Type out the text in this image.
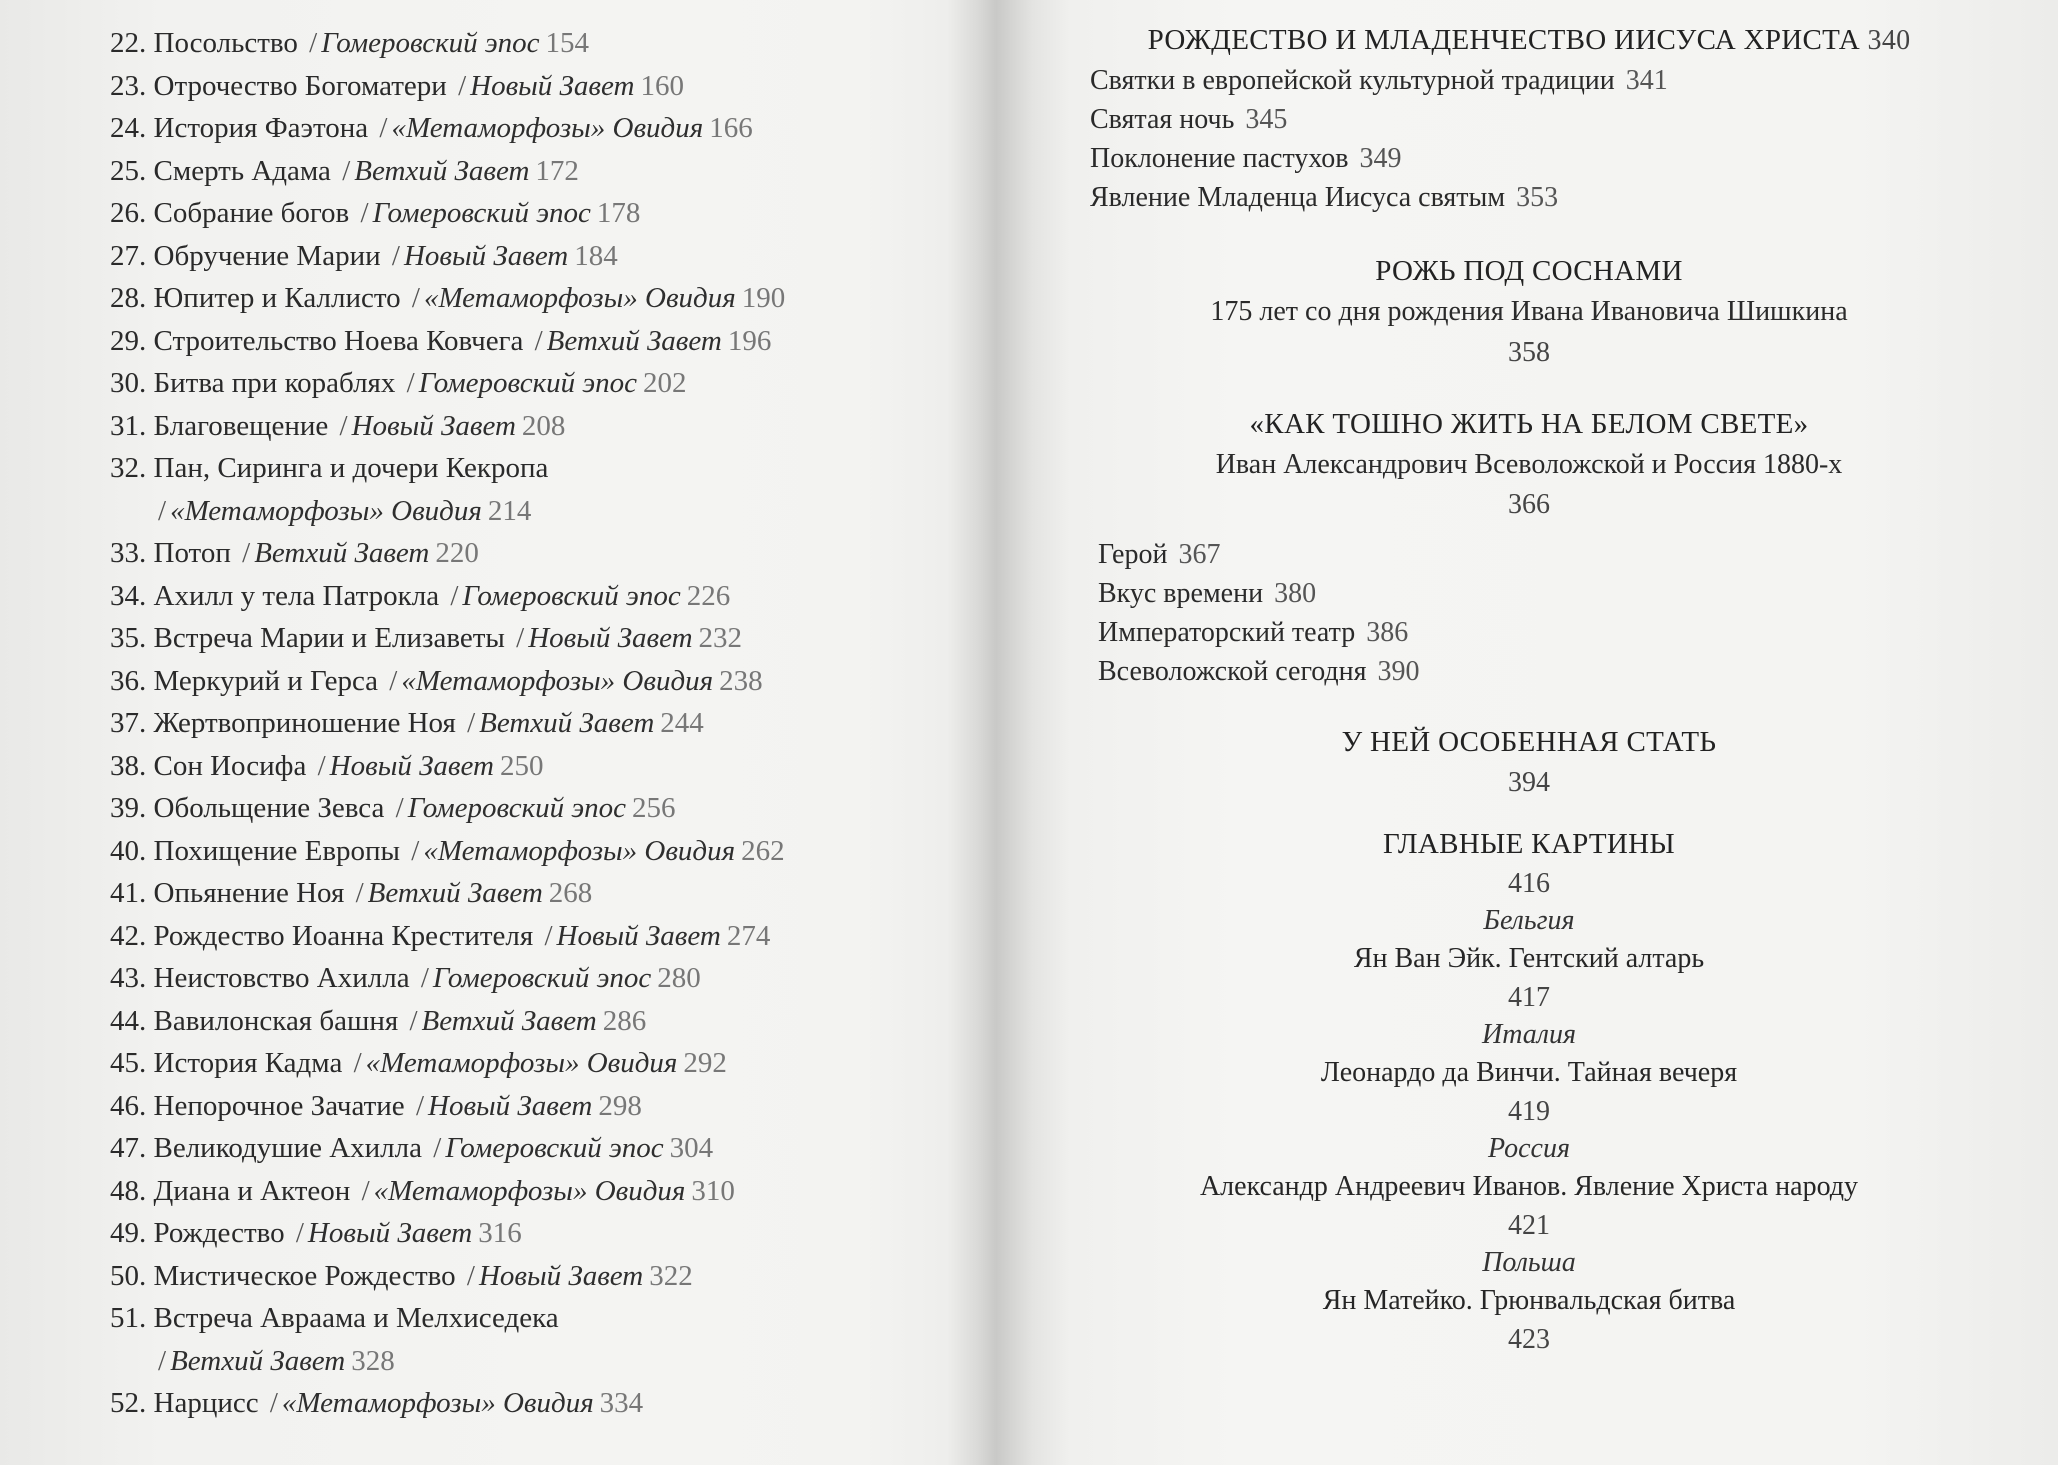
22. Посольство / Гомеровский эпос 154
23. Отрочество Богоматери / Новый Завет 160
24. История Фаэтона / «Метаморфозы» Овидия 166
25. Смерть Адама / Ветхий Завет 172
26. Собрание богов / Гомеровский эпос 178
27. Обручение Марии / Новый Завет 184
28. Юпитер и Каллисто / «Метаморфозы» Овидия 190
29. Строительство Ноева Ковчега / Ветхий Завет 196
30. Битва при кораблях / Гомеровский эпос 202
31. Благовещение / Новый Завет 208
32. Пан, Сиринга и дочери Кекропа
/ «Метаморфозы» Овидия 214
33. Потоп / Ветхий Завет 220
34. Ахилл у тела Патрокла / Гомеровский эпос 226
35. Встреча Марии и Елизаветы / Новый Завет 232
36. Меркурий и Герса / «Метаморфозы» Овидия 238
37. Жертвоприношение Ноя / Ветхий Завет 244
38. Сон Иосифа / Новый Завет 250
39. Обольщение Зевса / Гомеровский эпос 256
40. Похищение Европы / «Метаморфозы» Овидия 262
41. Опьянение Ноя / Ветхий Завет 268
42. Рождество Иоанна Крестителя / Новый Завет 274
43. Неистовство Ахилла / Гомеровский эпос 280
44. Вавилонская башня / Ветхий Завет 286
45. История Кадма / «Метаморфозы» Овидия 292
46. Непорочное Зачатие / Новый Завет 298
47. Великодушие Ахилла / Гомеровский эпос 304
48. Диана и Актеон / «Метаморфозы» Овидия 310
49. Рождество / Новый Завет 316
50. Мистическое Рождество / Новый Завет 322
51. Встреча Авраама и Мелхиседека
/ Ветхий Завет 328
52. Нарцисс / «Метаморфозы» Овидия 334
РОЖДЕСТВО И МЛАДЕНЧЕСТВО ИИСУСА ХРИСТА 340
Святки в европейской культурной традиции 341
Святая ночь 345
Поклонение пастухов 349
Явление Младенца Иисуса святым 353
РОЖЬ ПОД СОСНАМИ
175 лет со дня рождения Ивана Ивановича Шишкина
358
«КАК ТОШНО ЖИТЬ НА БЕЛОМ СВЕТЕ»
Иван Александрович Всеволожской и Россия 1880-х
366
Герой 367
Вкус времени 380
Императорский театр 386
Всеволожской сегодня 390
У НЕЙ ОСОБЕННАЯ СТАТЬ
394
ГЛАВНЫЕ КАРТИНЫ
416
Бельгия
Ян Ван Эйк. Гентский алтарь
417
Италия
Леонардо да Винчи. Тайная вечеря
419
Россия
Александр Андреевич Иванов. Явление Христа народу
421
Польша
Ян Матейко. Грюнвальдская битва
423
